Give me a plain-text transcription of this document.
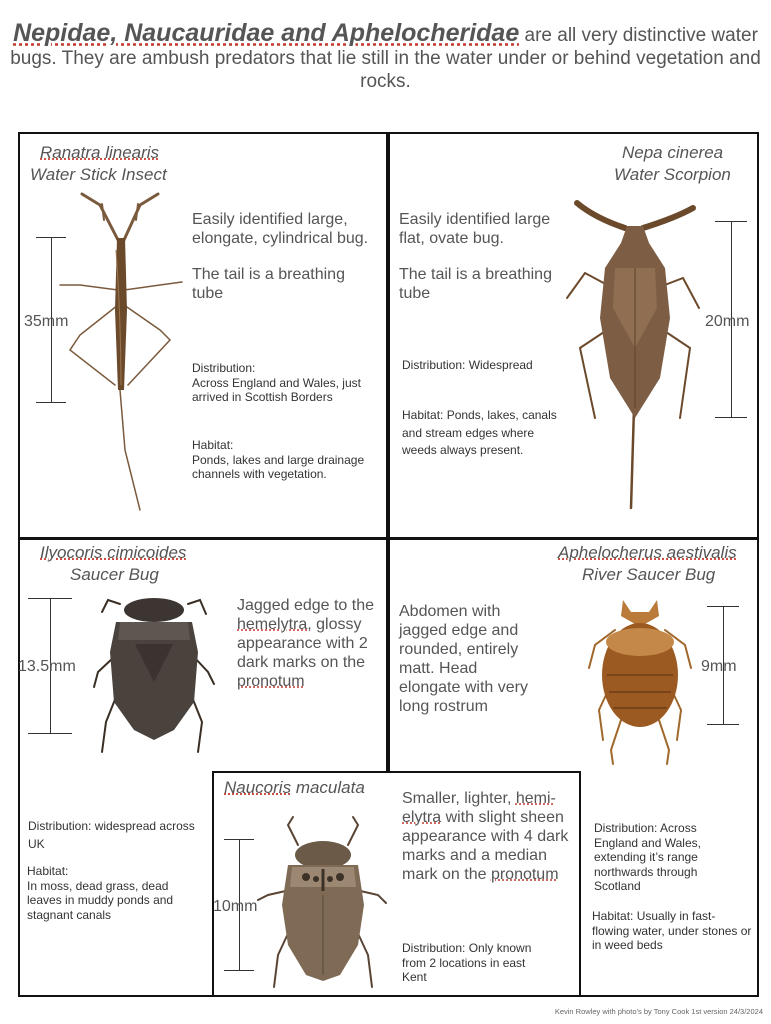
Nepidae, Naucauridae and Aphelocheridae are all very distinctive water bugs. They are ambush predators that lie still in the water under or behind vegetation and rocks.
Ranatra linearis
Water Stick Insect
Easily identified large, elongate, cylindrical bug.
The tail is a breathing tube
Distribution:
Across England and Wales, just arrived in Scottish Borders
Habitat:
Ponds, lakes and large drainage channels with vegetation.
35mm
Nepa cinerea
Water Scorpion
Easily identified large flat, ovate bug.
The tail is a breathing tube
Distribution: Widespread
Habitat: Ponds, lakes, canals and stream edges where weeds always present.
20mm
Ilyocoris cimicoides
Saucer Bug
Jagged edge to the hemelytra, glossy appearance with 2 dark marks on the pronotum
Distribution: widespread across UK
Habitat:
In moss, dead grass, dead leaves in muddy ponds and stagnant canals
13.5mm
Aphelocherus aestivalis
River Saucer Bug
Abdomen with jagged edge and rounded, entirely matt. Head elongate with very long rostrum
Distribution: Across England and Wales, extending it’s range northwards through Scotland
Habitat: Usually in fast-flowing water, under stones or in weed beds
9mm
Naucoris maculata
Smaller, lighter, hemi-elytra with slight sheen appearance with 4 dark marks and a median mark on the pronotum
Distribution: Only known from 2 locations in east Kent
10mm
Kevin Rowley with photo’s by Tony Cook 1st version 24/3/2024
